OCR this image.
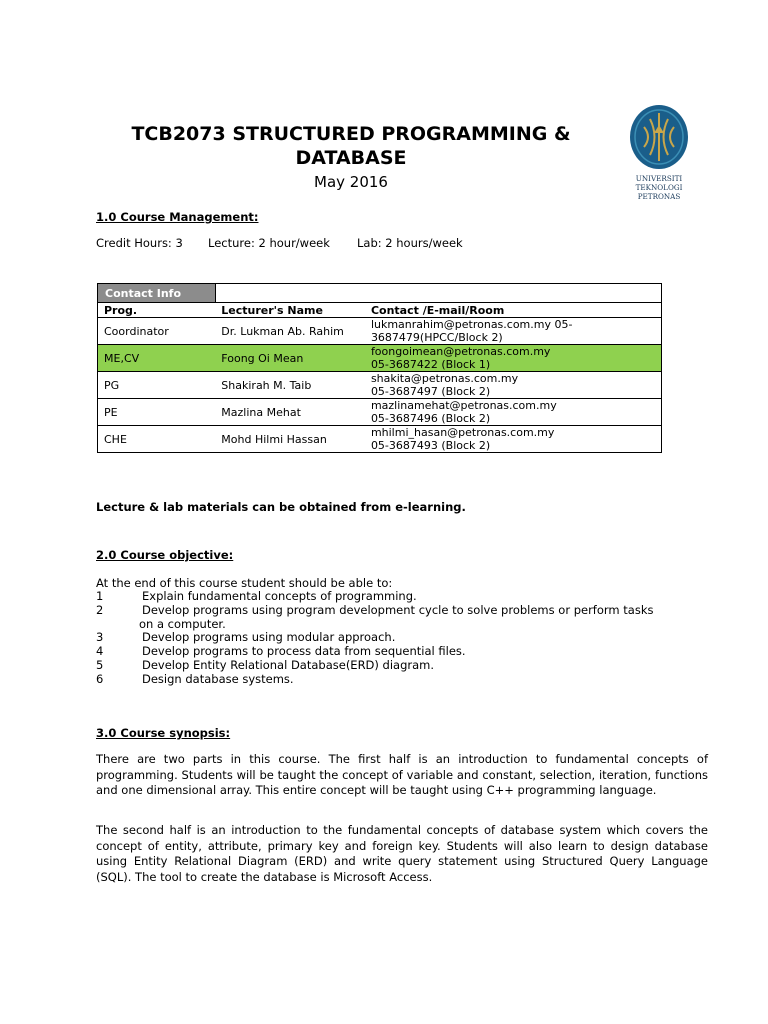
TCB2073 STRUCTURED PROGRAMMING &
DATABASE
May 2016	UNIVERSITI
TEKNOLOGI
PETRONAS
1.0 Course Management:
Credit Hours: 3	Lecture: 2 hour/week	Lab: 2 hours/week
Contact Info		
Prog.	Lecturer's Name	Contact /E-mail/Room
Coordinator	Dr. Lukman Ab. Rahim	lukmanrahim@petronas.com.my 05-
3687479(HPCC/Block 2)

ME,CV	Foong Oi Mean	foongoimean@petronas.com.my
05-3687422 (Block 1)

PG	Shakirah M. Taib	shakita@petronas.com.my
05-3687497 (Block 2)

PE	Mazlina Mehat	mazlinamehat@petronas.com.my
05-3687496 (Block 2)

CHE	Mohd Hilmi Hassan	mhilmi_hasan@petronas.com.my
05-3687493 (Block 2)
Lecture & lab materials can be obtained from e-learning.
2.0 Course objective:
At the end of this course student should be able to:
1	Explain fundamental concepts of programming.
2	Develop programs using program development cycle to solve problems or perform tasks
on a computer.
3	Develop programs using modular approach.
4	Develop programs to process data from sequential files.
5	Develop Entity Relational Database(ERD) diagram.
6	Design database systems.
3.0 Course synopsis:
There are two parts in this course. The first half is an introduction to fundamental concepts of programming. Students will be taught the concept of variable and constant, selection, iteration, functions and one dimensional array. This entire concept will be taught using C++ programming language.
The second half is an introduction to the fundamental concepts of database system which covers the concept of entity, attribute, primary key and foreign key. Students will also learn to design database using Entity Relational Diagram (ERD) and write query statement using Structured Query Language (SQL). The tool to create the database is Microsoft Access.
